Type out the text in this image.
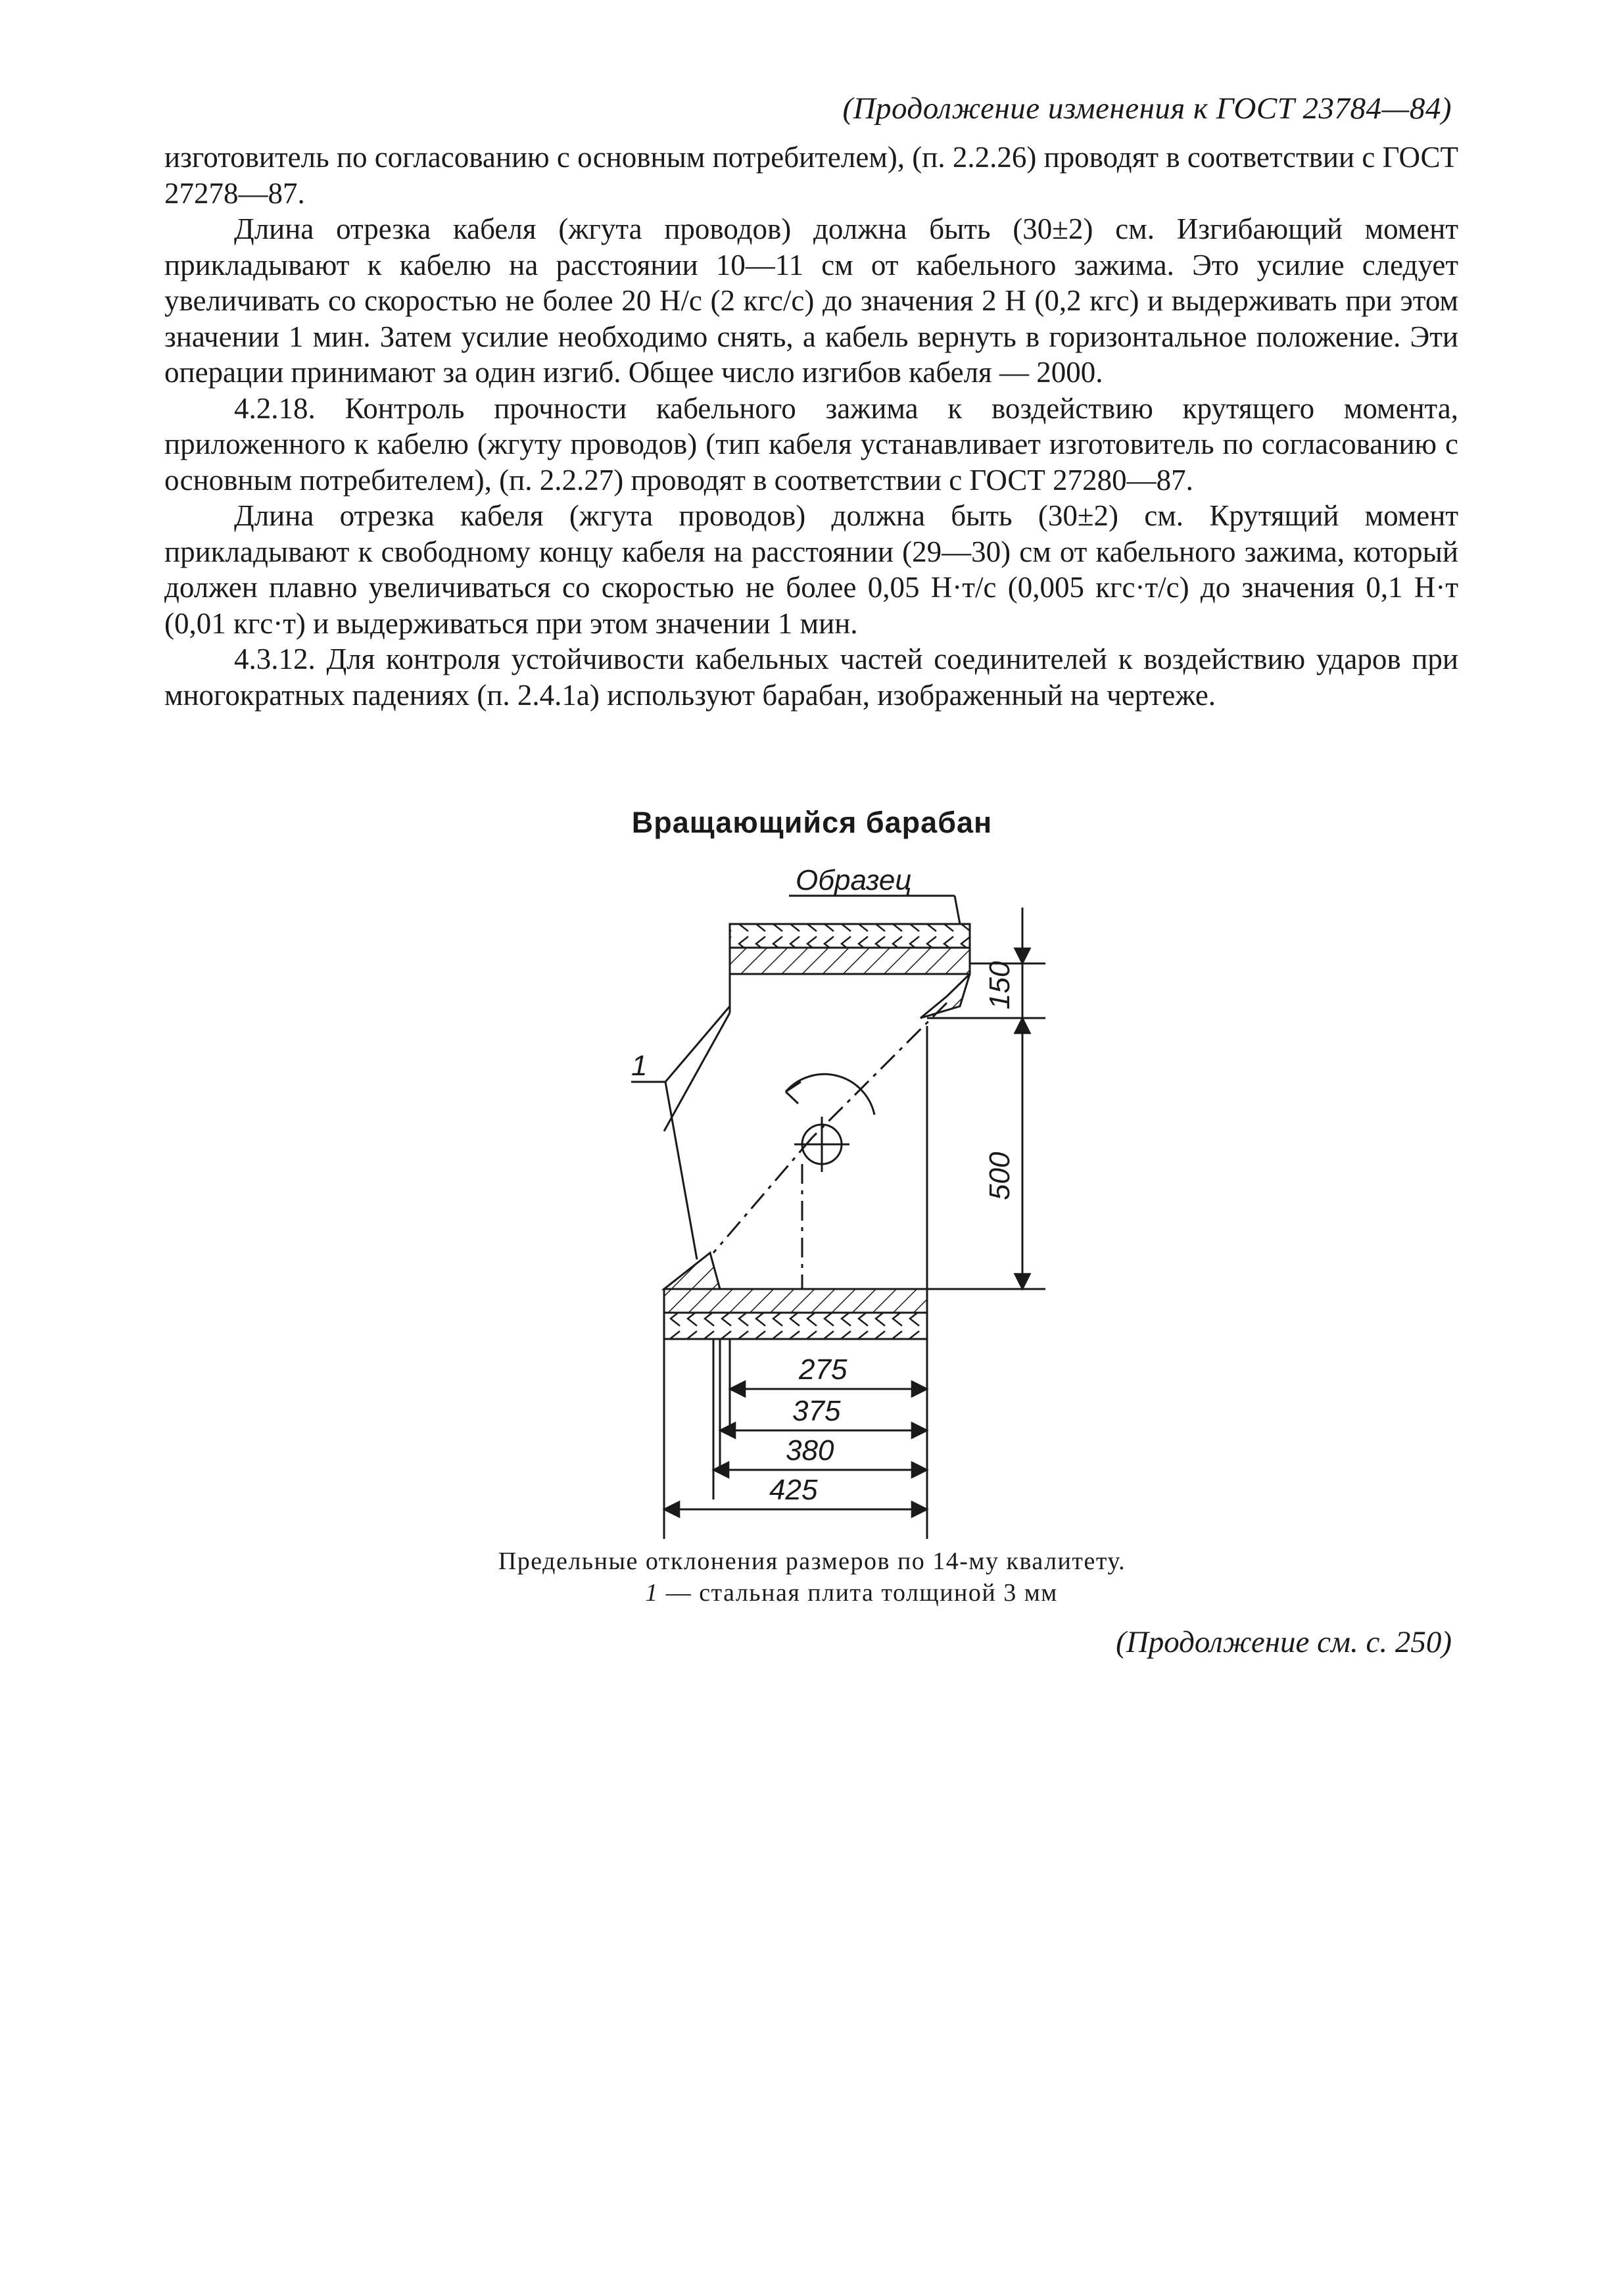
(Продолжение изменения к ГОСТ 23784—84)

изготовитель по согласованию с основным потребителем), (п. 2.2.26) проводят в соответствии с ГОСТ 27278—87.

Длина отрезка кабеля (жгута проводов) должна быть (30±2) см. Изгибающий момент прикладывают к кабелю на расстоянии 10—11 см от кабельного зажима. Это усилие следует увеличивать со скоростью не более 20 Н/с (2 кгс/с) до значения 2 Н (0,2 кгс) и выдерживать при этом значении 1 мин. Затем усилие необходимо снять, а кабель вернуть в горизонтальное положение. Эти операции принимают за один изгиб. Общее число изгибов кабеля — 2000.

4.2.18. Контроль прочности кабельного зажима к воздействию крутящего момента, приложенного к кабелю (жгуту проводов) (тип кабеля устанавливает изготовитель по согласованию с основным потребителем), (п. 2.2.27) проводят в соответствии с ГОСТ 27280—87.

Длина отрезка кабеля (жгута проводов) должна быть (30±2) см. Крутящий момент прикладывают к свободному концу кабеля на расстоянии (29—30) см от кабельного зажима, который должен плавно увеличиваться со скоростью не более 0,05 Н·т/с (0,005 кгс·т/с) до значения 0,1 Н·т (0,01 кгс·т) и выдерживаться при этом значении 1 мин.

4.3.12. Для контроля устойчивости кабельных частей соединителей к воздействию ударов при многократных падениях (п. 2.4.1а) используют барабан, изображенный на чертеже.

Вращающийся барабан
Образец
1
150
500
275
375
380
425
Предельные отклонения размеров по 14-му квалитету.
1 — стальная плита толщиной 3 мм
(Продолжение см. с. 250)
